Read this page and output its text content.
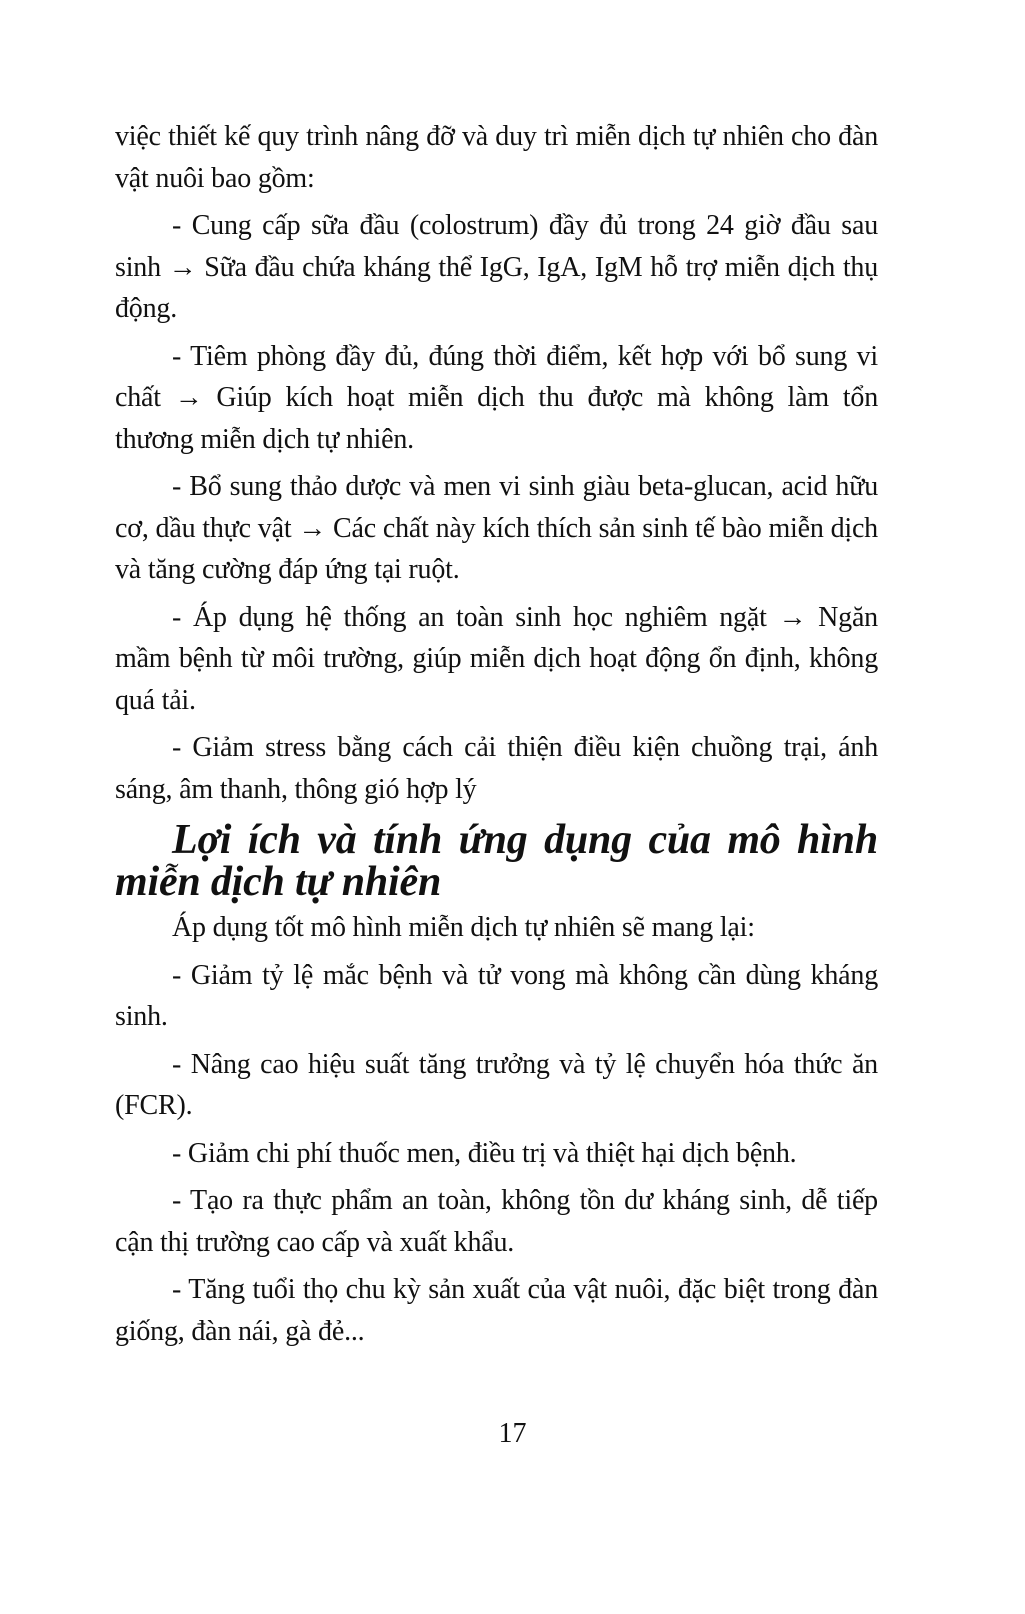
việc thiết kế quy trình nâng đỡ và duy trì miễn dịch tự nhiên cho đàn vật nuôi bao gồm:

- Cung cấp sữa đầu (colostrum) đầy đủ trong 24 giờ đầu sau sinh → Sữa đầu chứa kháng thể IgG, IgA, IgM hỗ trợ miễn dịch thụ động.

- Tiêm phòng đầy đủ, đúng thời điểm, kết hợp với bổ sung vi chất → Giúp kích hoạt miễn dịch thu được mà không làm tổn thương miễn dịch tự nhiên.

- Bổ sung thảo dược và men vi sinh giàu beta-glucan, acid hữu cơ, dầu thực vật → Các chất này kích thích sản sinh tế bào miễn dịch và tăng cường đáp ứng tại ruột.

- Áp dụng hệ thống an toàn sinh học nghiêm ngặt → Ngăn mầm bệnh từ môi trường, giúp miễn dịch hoạt động ổn định, không quá tải.

- Giảm stress bằng cách cải thiện điều kiện chuồng trại, ánh sáng, âm thanh, thông gió hợp lý

Lợi ích và tính ứng dụng của mô hình miễn dịch tự nhiên

Áp dụng tốt mô hình miễn dịch tự nhiên sẽ mang lại:

- Giảm tỷ lệ mắc bệnh và tử vong mà không cần dùng kháng sinh.

- Nâng cao hiệu suất tăng trưởng và tỷ lệ chuyển hóa thức ăn (FCR).

- Giảm chi phí thuốc men, điều trị và thiệt hại dịch bệnh.

- Tạo ra thực phẩm an toàn, không tồn dư kháng sinh, dễ tiếp cận thị trường cao cấp và xuất khẩu.

- Tăng tuổi thọ chu kỳ sản xuất của vật nuôi, đặc biệt trong đàn giống, đàn nái, gà đẻ...

17
